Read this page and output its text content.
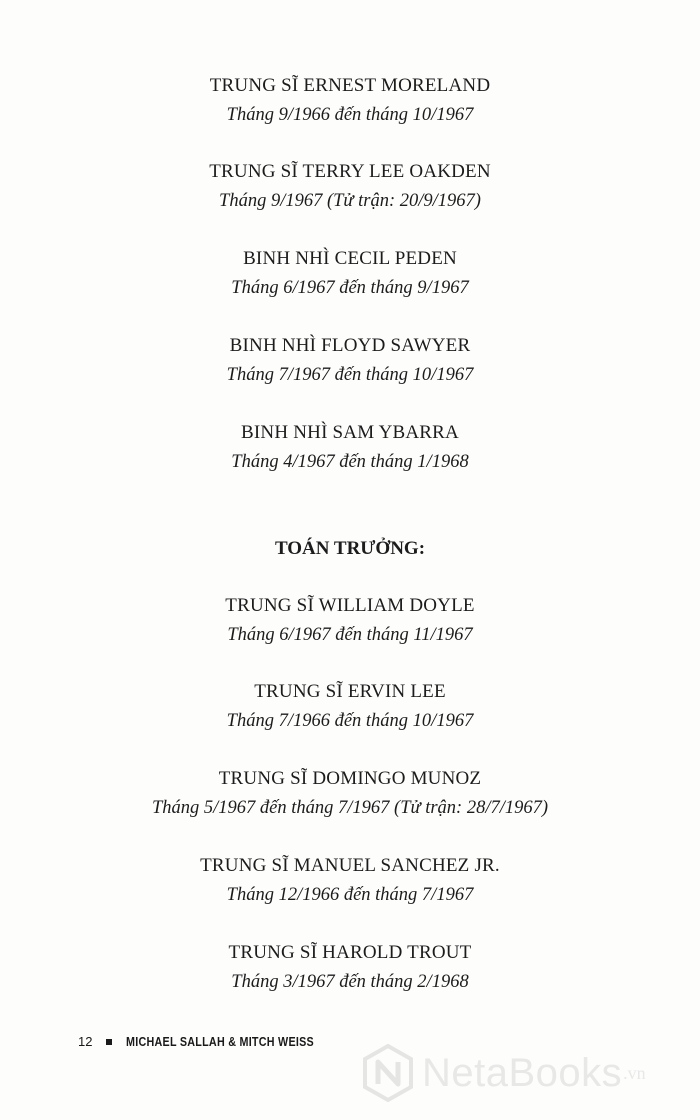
TRUNG SĨ ERNEST MORELAND
Tháng 9/1966 đến tháng 10/1967
TRUNG SĨ TERRY LEE OAKDEN
Tháng 9/1967 (Tử trận: 20/9/1967)
BINH NHÌ CECIL PEDEN
Tháng 6/1967 đến tháng 9/1967
BINH NHÌ FLOYD SAWYER
Tháng 7/1967 đến tháng 10/1967
BINH NHÌ SAM YBARRA
Tháng 4/1967 đến tháng 1/1968
TOÁN TRƯỞNG:
TRUNG SĨ WILLIAM DOYLE
Tháng 6/1967 đến tháng 11/1967
TRUNG SĨ ERVIN LEE
Tháng 7/1966 đến tháng 10/1967
TRUNG SĨ DOMINGO MUNOZ
Tháng 5/1967 đến tháng 7/1967 (Tử trận: 28/7/1967)
TRUNG SĨ MANUEL SANCHEZ JR.
Tháng 12/1966 đến tháng 7/1967
TRUNG SĨ HAROLD TROUT
Tháng 3/1967 đến tháng 2/1968
12	MICHAEL SALLAH & MITCH WEISS
NetaBooks .vn
